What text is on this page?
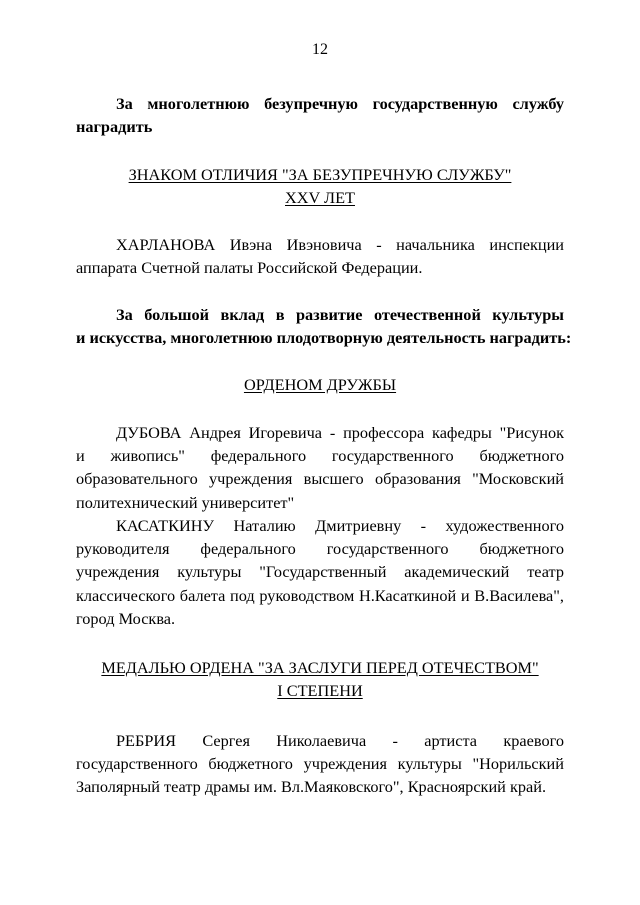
12
За многолетнюю безупречную государственную службу
наградить
ЗНАКОМ ОТЛИЧИЯ "ЗА БЕЗУПРЕЧНУЮ СЛУЖБУ"
XXV ЛЕТ
ХАРЛАНОВА Ивэна Ивэновича - начальника инспекции
аппарата Счетной палаты Российской Федерации.
За большой вклад в развитие отечественной культуры
и искусства, многолетнюю плодотворную деятельность наградить:
ОРДЕНОМ ДРУЖБЫ
ДУБОВА Андрея Игоревича - профессора кафедры "Рисунок
и живопись" федерального государственного бюджетного
образовательного учреждения высшего образования "Московский
политехнический университет"
КАСАТКИНУ Наталию Дмитриевну - художественного
руководителя федерального государственного бюджетного
учреждения культуры "Государственный академический театр
классического балета под руководством Н.Касаткиной и В.Василева",
город Москва.
МЕДАЛЬЮ ОРДЕНА "ЗА ЗАСЛУГИ ПЕРЕД ОТЕЧЕСТВОМ"
I СТЕПЕНИ
РЕБРИЯ Сергея Николаевича - артиста краевого
государственного бюджетного учреждения культуры "Норильский
Заполярный театр драмы им. Вл.Маяковского", Красноярский край.
